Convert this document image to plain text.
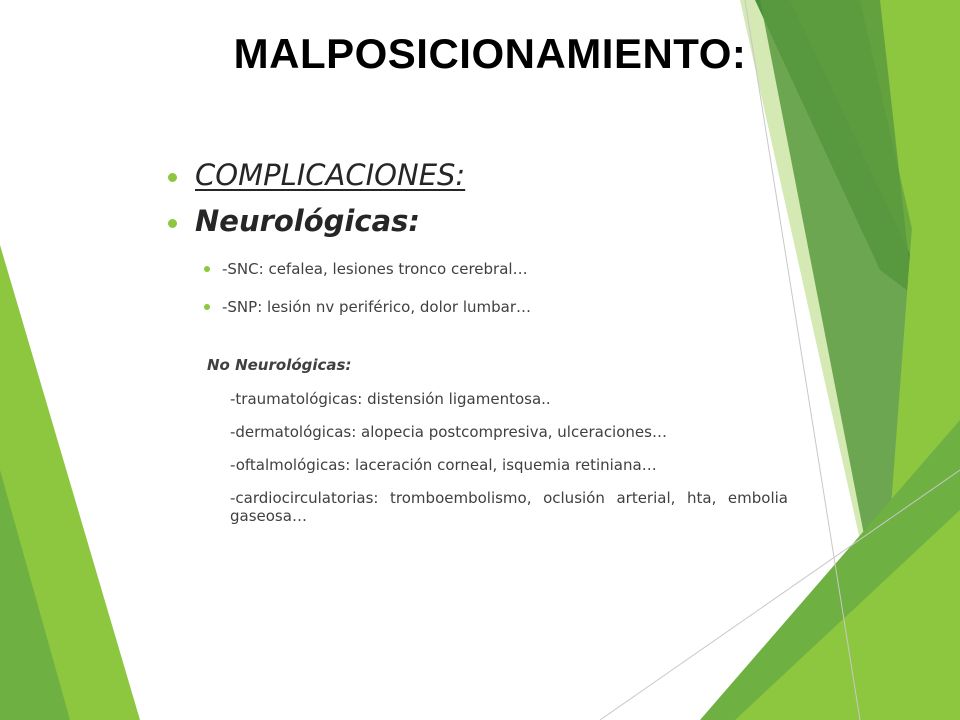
MALPOSICIONAMIENTO:
COMPLICACIONES:
Neurológicas:
-SNC: cefalea, lesiones tronco cerebral…
-SNP: lesión nv periférico, dolor lumbar…
No Neurológicas:
-traumatológicas: distensión ligamentosa..
-dermatológicas: alopecia postcompresiva, ulceraciones…
-oftalmológicas: laceración corneal, isquemia retiniana…
-cardiocirculatorias: tromboembolismo, oclusión arterial, hta, embolia gaseosa…
